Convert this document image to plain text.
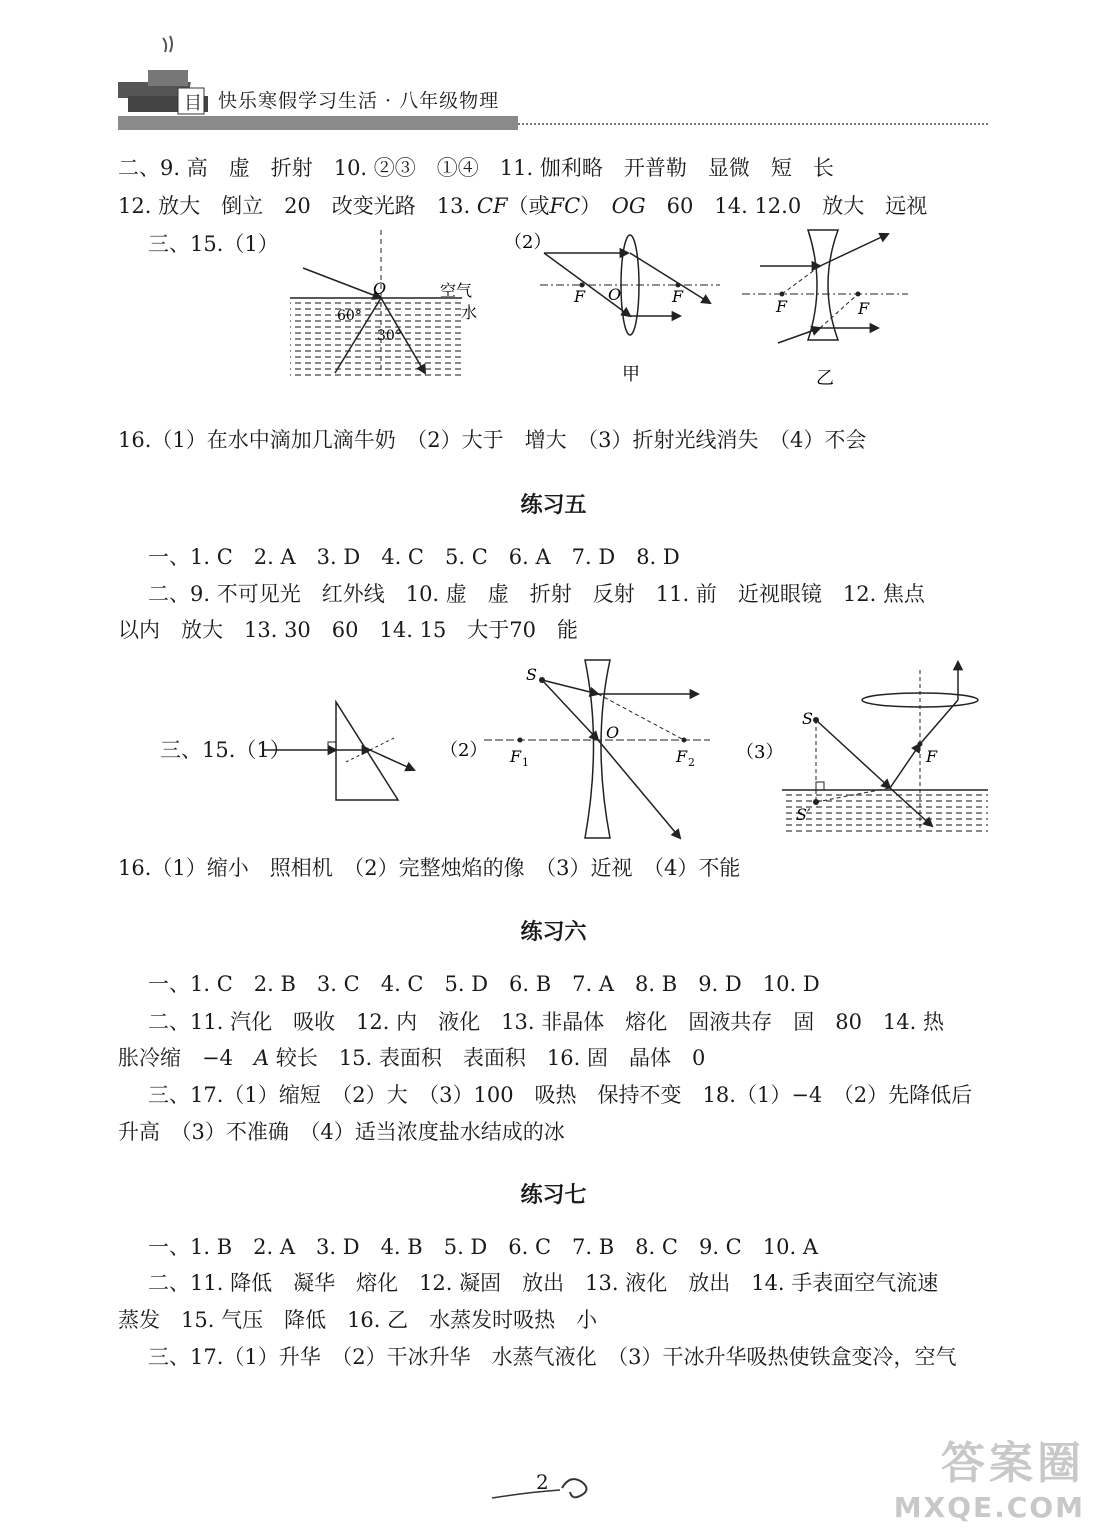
目 快乐寒假学习生活 · 八年级物理
二、9. 高　虚　折射　10. ②③　①④　11. 伽利略　开普勒　显微　短　长
12. 放大　倒立　20　改变光路　13. CF（或FC）　OG　60　14. 12.0　放大　远视
三、15.（1）
O	空气
水
60°
30°
（2）
F O	F
甲
F	F
乙
16.（1）在水中滴加几滴牛奶　（2）大于　增大　（3）折射光线消失　（4）不会
练习五
一、1. C　2. A　3. D　4. C　5. C　6. A　7. D　8. D
二、9. 不可见光　红外线　10. 虚　虚　折射　反射　11. 前　近视眼镜　12. 焦点
以内　放大　13. 30　60　14. 15　大于70　能
三、15.（1）	（2）
S
O
F 1	F 2 （3）
S
S′
F
16.（1）缩小　照相机　（2）完整烛焰的像　（3）近视　（4）不能
练习六
一、1. C　2. B　3. C　4. C　5. D　6. B　7. A　8. B　9. D　10. D
二、11. 汽化　吸收　12. 内　液化　13. 非晶体　熔化　固液共存　固　80　14. 热
胀冷缩　−4　A 较长　15. 表面积　表面积　16. 固　晶体　0
三、17.（1）缩短　（2）大　（3）100　吸热　保持不变　18.（1）−4　（2）先降低后
升高　（3）不准确　（4）适当浓度盐水结成的冰
练习七
一、1. B　2. A　3. D　4. B　5. D　6. C　7. B　8. C　9. C　10. A
二、11. 降低　凝华　熔化　12. 凝固　放出　13. 液化　放出　14. 手表面空气流速
蒸发　15. 气压　降低　16. 乙　水蒸发时吸热　小
三、17.（1）升华　（2）干冰升华　水蒸气液化　（3）干冰升华吸热使铁盒变冷，空气
2	答案圈
MXQE.COM
